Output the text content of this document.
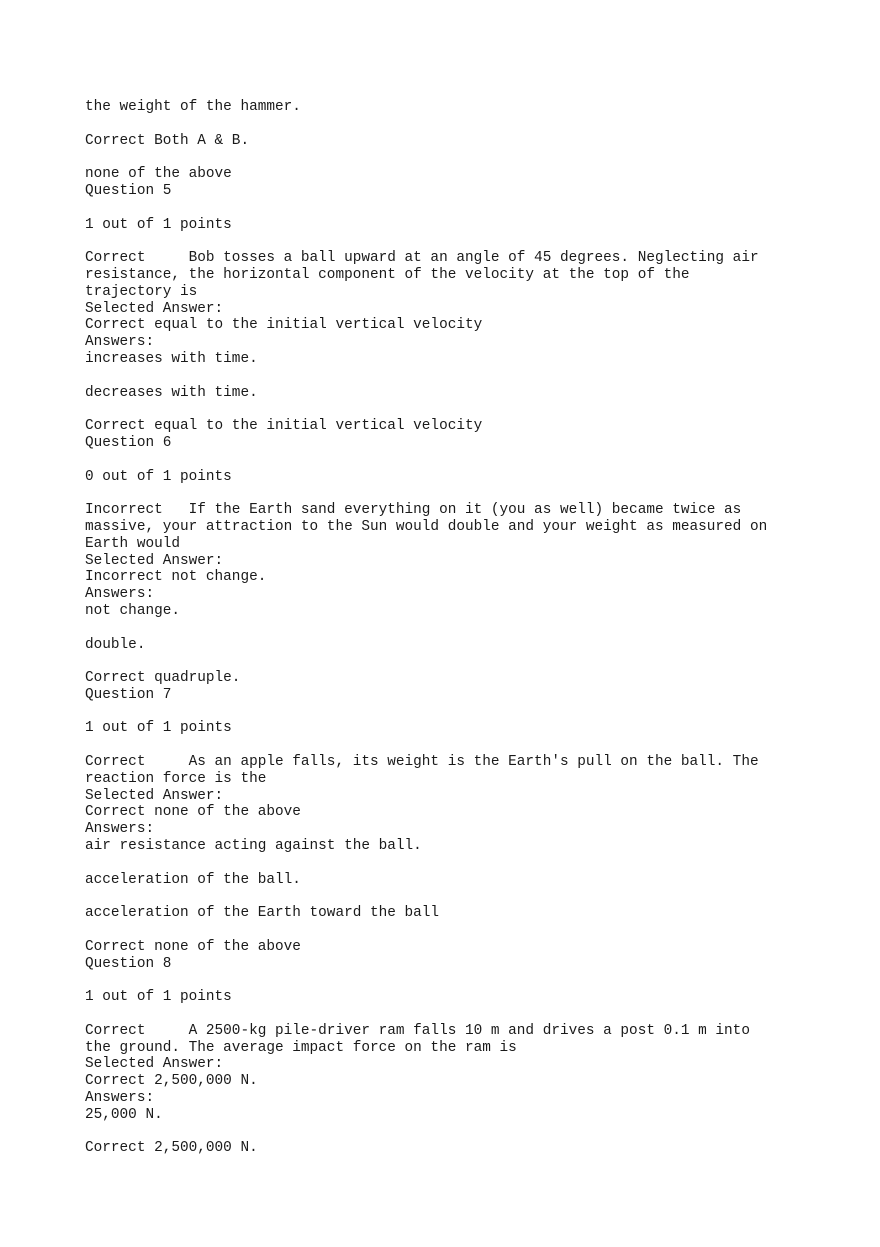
the weight of the hammer.
Correct Both A & B.
none of the above
Question 5
1 out of 1 points
Correct     Bob tosses a ball upward at an angle of 45 degrees. Neglecting air
resistance, the horizontal component of the velocity at the top of the
trajectory is
Selected Answer:
Correct equal to the initial vertical velocity
Answers:
increases with time.
decreases with time.
Correct equal to the initial vertical velocity
Question 6
0 out of 1 points
Incorrect   If the Earth sand everything on it (you as well) became twice as
massive, your attraction to the Sun would double and your weight as measured on
Earth would
Selected Answer:
Incorrect not change.
Answers:
not change.
double.
Correct quadruple.
Question 7
1 out of 1 points
Correct     As an apple falls, its weight is the Earth's pull on the ball. The
reaction force is the
Selected Answer:
Correct none of the above
Answers:
air resistance acting against the ball.
acceleration of the ball.
acceleration of the Earth toward the ball
Correct none of the above
Question 8
1 out of 1 points
Correct     A 2500-kg pile-driver ram falls 10 m and drives a post 0.1 m into
the ground. The average impact force on the ram is
Selected Answer:
Correct 2,500,000 N.
Answers:
25,000 N.
Correct 2,500,000 N.
